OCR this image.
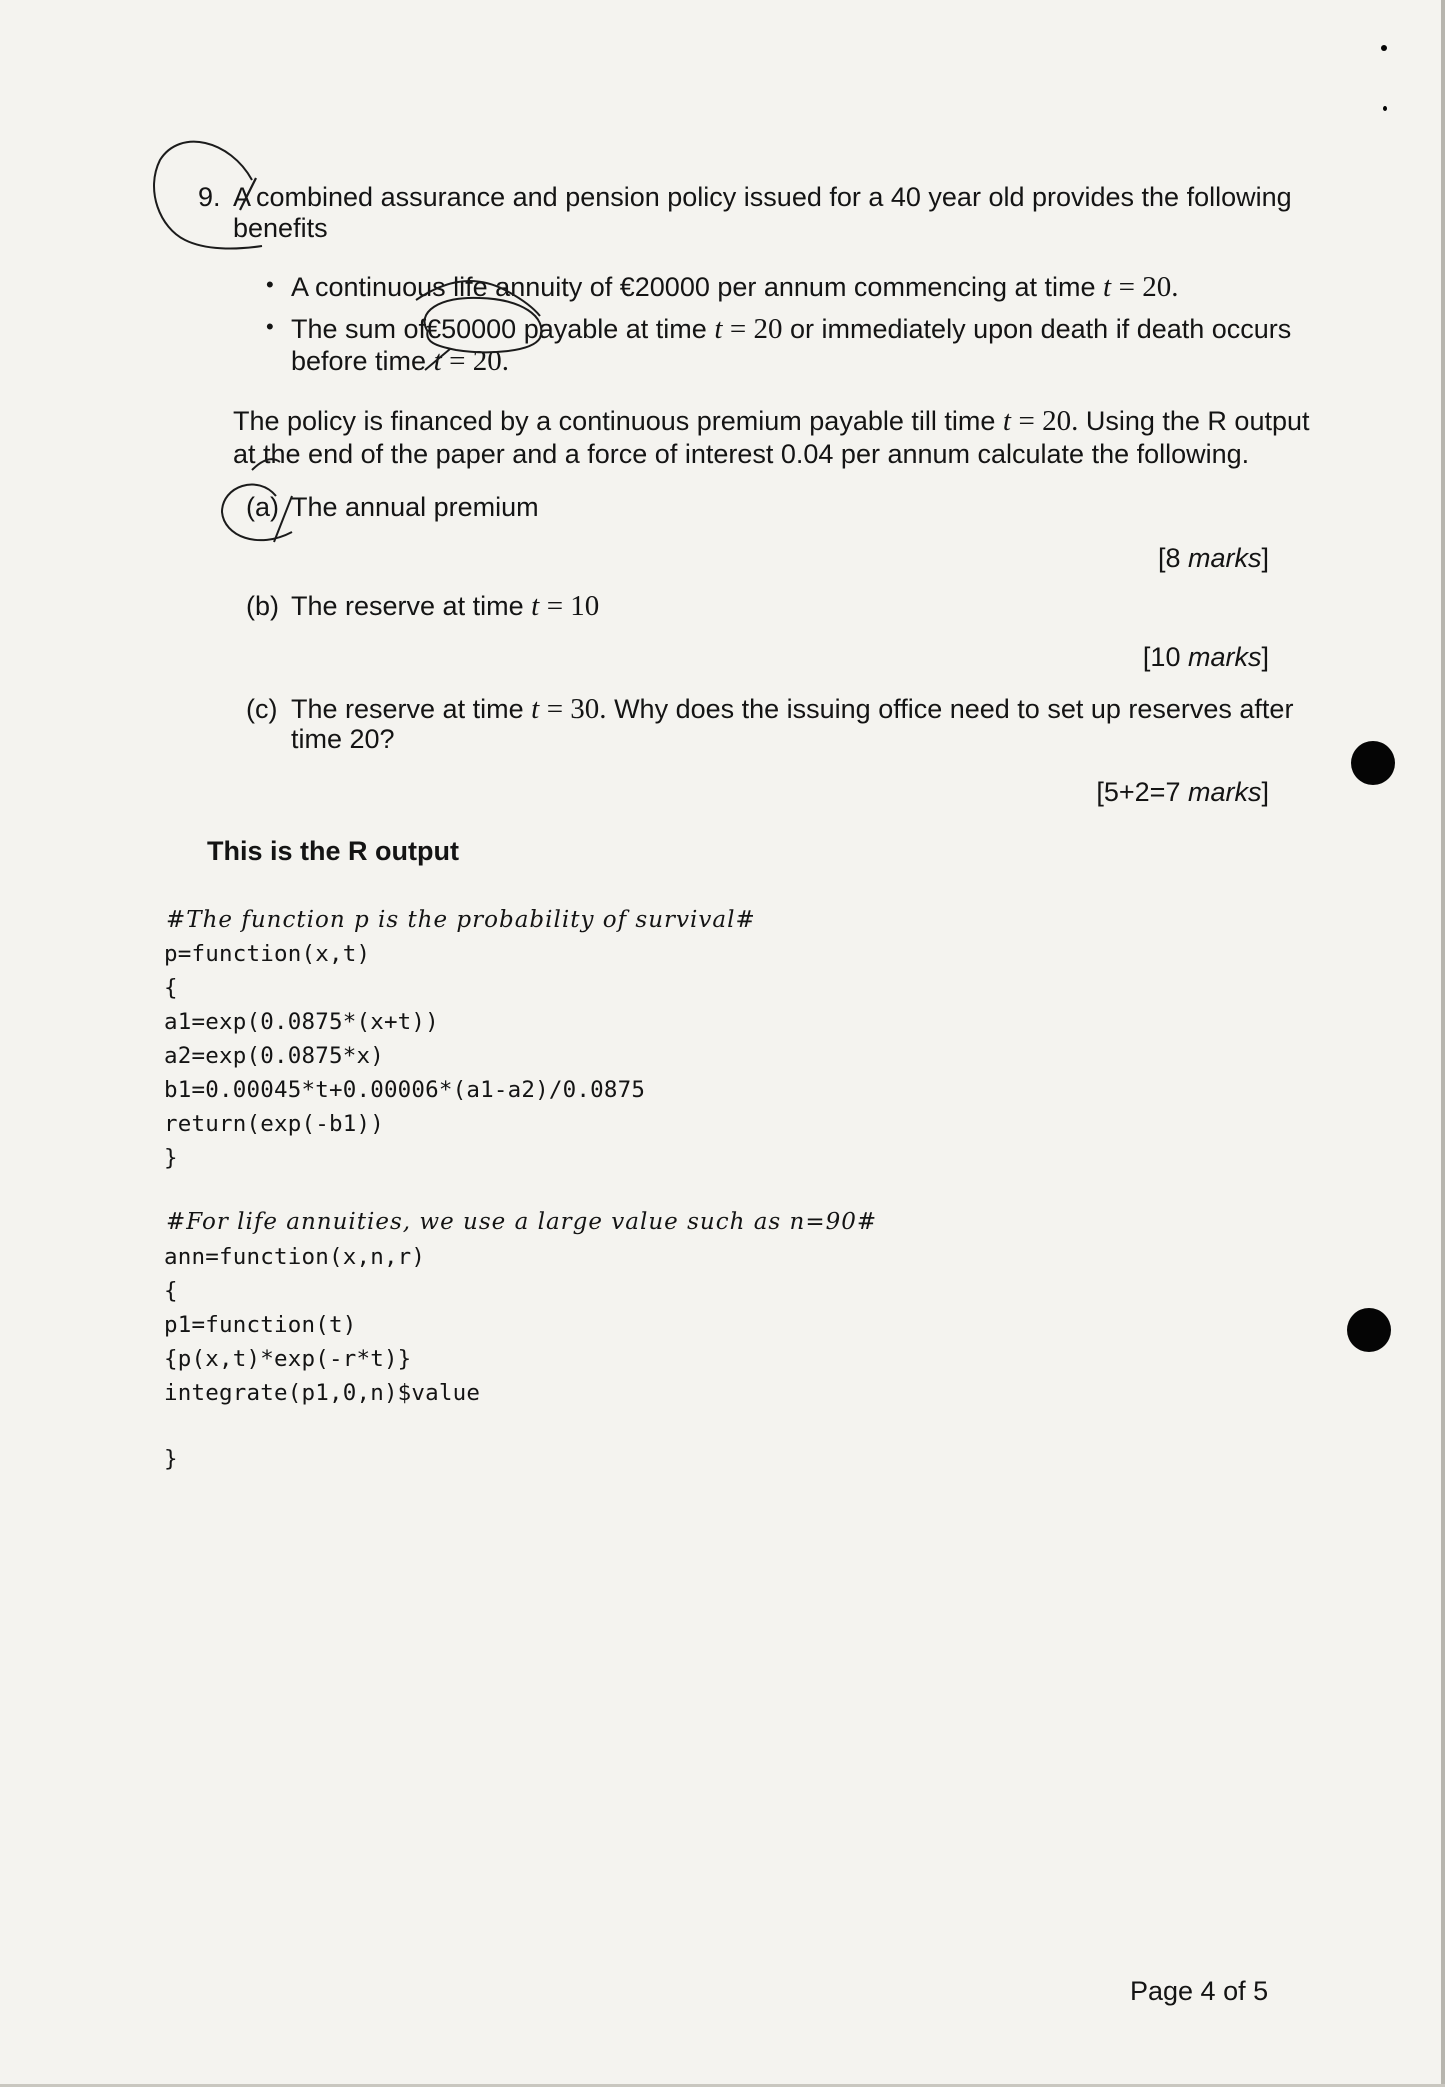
9. A combined assurance and pension policy issued for a 40 year old provides the following
benefits
• A continuous life annuity of €20000 per annum commencing at time t = 20.
• The sum of€50000 payable at time t = 20 or immediately upon death if death occurs
before time t = 20.
The policy is financed by a continuous premium payable till time t = 20. Using the R output
at the end of the paper and a force of interest 0.04 per annum calculate the following.
(a) The annual premium
[8 marks]
(b) The reserve at time t = 10
[10 marks]
(c) The reserve at time t = 30. Why does the issuing office need to set up reserves after
time 20?
[5+2=7 marks]
This is the R output
#The function p is the probability of survival#
p=function(x,t)
{
a1=exp(0.0875*(x+t))
a2=exp(0.0875*x)
b1=0.00045*t+0.00006*(a1-a2)/0.0875
return(exp(-b1))
}
#For life annuities, we use a large value such as n=90#
ann=function(x,n,r)
{
p1=function(t)
{p(x,t)*exp(-r*t)}
integrate(p1,0,n)$value
}
Page 4 of 5
